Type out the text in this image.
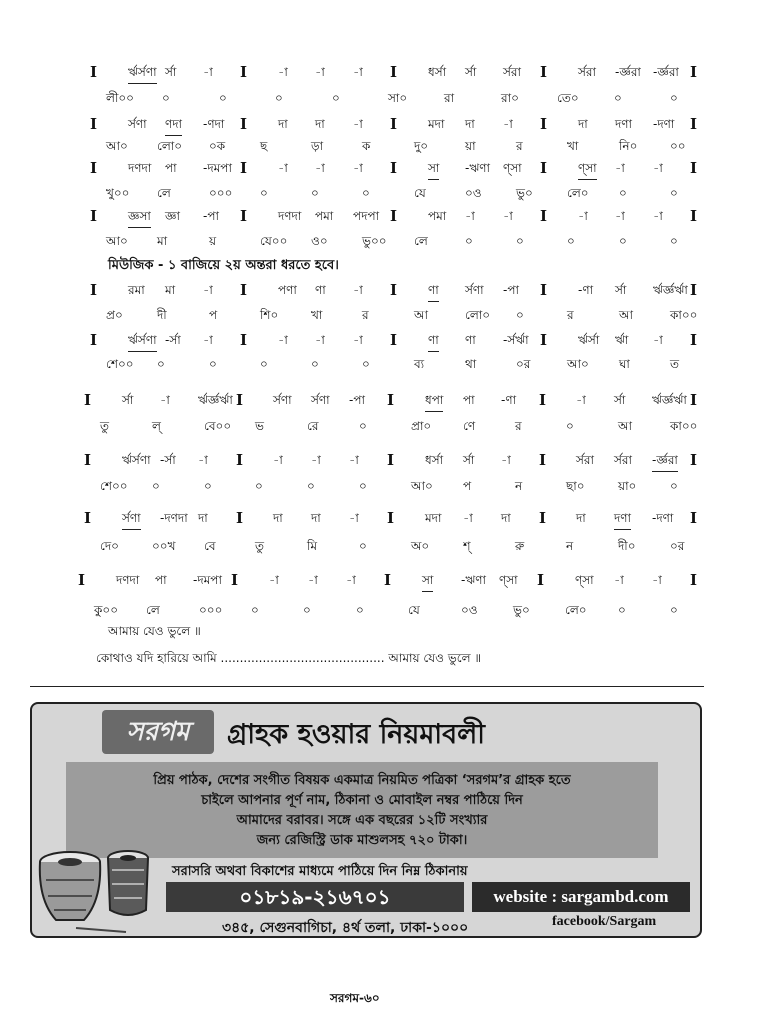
I	র্ঋর্সণা র্সা -া I	-া -া -া I	ধর্সা র্সা র্সরা I	র্সরা -র্জ্ঞরা -র্জ্ঞরা I
লী০০ ০	০	০	০	সা০	রা	রা০	তে০	০	০
I	র্সণা ণদা -ণদা I	দা দা -া I	মদা দা -া I	দা দণা -দণা I
আ০ লো০ ০ক	ছ	ড়া	ক	দু০	য়া	র	খা	নি০	০০
I	দণদা পা -দমপা I	-া -া -া I	সা -ঋণা ণ্সা I	ণ্সা -া -া I
খু০০ লে	০০০ ০	০	০	যে	০ও	ভু০	লে০	০	০
I	জ্ঞসা জ্ঞা -পা I	দণদা পমা পদপা I	পমা -া -া I	-া -া -া I
আ০ মা	য়	যে০০ ও০	ভু০০ লে	০	০	০	০	০
I	রমা মা -া I	পণা ণা -া I	ণা র্সণা -পা I	-ণা র্সা র্ঋর্জ্ঞর্ঋা I
প্র০	দী	প	শি০	খা	র	আ	লো০ ০	র	আ	কা০০
I	র্ঋর্সণা -র্সা -া I	-া -া -া I	ণা ণা -র্সর্ঋা I	র্ঋর্সা র্ঋা -া I
শে০০ ০	০	০	০	০	ব্য	থা	০র	আ০	ঘা	ত
I	র্সা -া র্ঋর্জ্ঞর্ঋা I র্সণা র্সণা -পা I	ধপা পা -ণা I -া র্সা র্ঋর্জ্ঞর্ঋা I
তু	ল্	বে০০ ভ	রে	০	প্রা০	ণে	র	০	আ	কা০০
I	র্ঋর্সণা -র্সা -া I -া -া -া I	ধর্সা র্সা -া I র্সরা র্সরা -র্জ্ঞরা I
শে০০ ০	০	০	০	০	আ০	প	ন	ছা০	য়া০	০
I	র্সণা -দণদা দা I দা দা -া I	মদা -া দা I দা দণা -দণা I
দে০	০০খ বে	তু	মি	০	অ০	শ্	রু	ন	দী০	০র
I	দণদা পা -দমপা I	-া -া -া I	সা -ঋণা ণ্সা I	ণ্সা -া -া I
কু০০ লে	০০০ ০	০	০	যে	০ও	ভু০	লে০	০	০
মিউজিক - ১ বাজিয়ে ২য় অন্তরা ধরতে হবে।
আমায় যেও ভুলে ॥
কোথাও যদি হারিয়ে আমি ........................................... আমায় যেও ভুলে ॥
সরগম	গ্রাহক হওয়ার নিয়মাবলী
প্রিয় পাঠক, দেশের সংগীত বিষয়ক একমাত্র নিয়মিত পত্রিকা ‘সরগম’র গ্রাহক হতে
চাইলে আপনার পূর্ণ নাম, ঠিকানা ও মোবাইল নম্বর পাঠিয়ে দিন
আমাদের বরাবর। সঙ্গে এক বছরের ১২টি সংখ্যার
জন্য রেজিস্ট্রি ডাক মাশুলসহ ৭২০ টাকা।
সরাসরি অথবা বিকাশের মাধ্যমে পাঠিয়ে দিন নিম্ন ঠিকানায়
০১৮১৯-২১৬৭০১	website : sargambd.com
facebook/Sargam
৩৪৫, সেগুনবাগিচা, ৪র্থ তলা, ঢাকা-১০০০
সরগম-৬০
